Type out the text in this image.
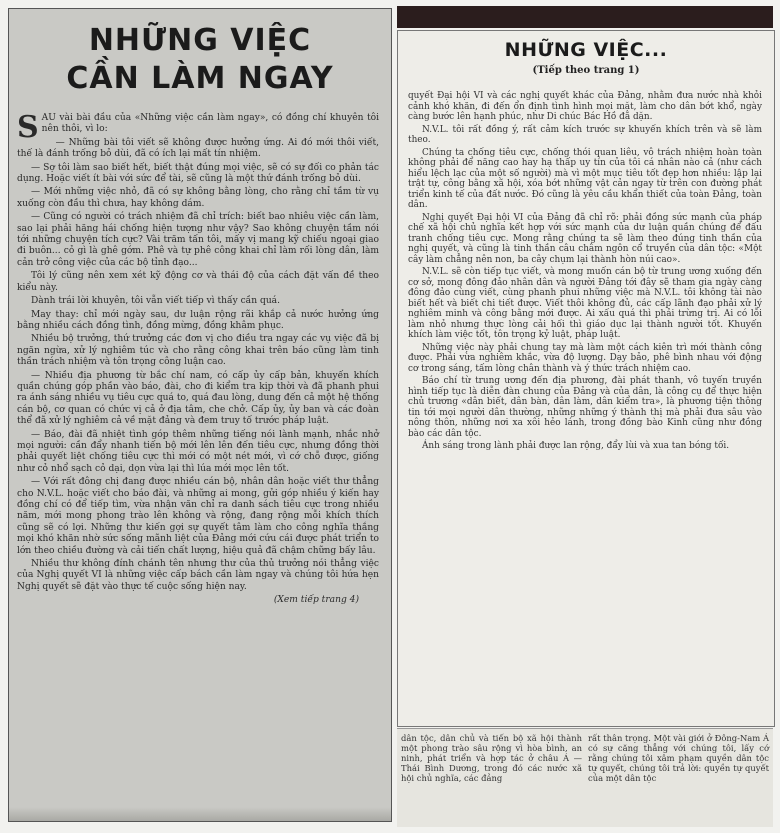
NHỮNG VIỆC
CẦN LÀM NGAY

SAU vài bài đầu của «Những việc cần làm ngay», có đồng chí khuyên tôi nên thôi, vì lo:

— Những bài tôi viết sẽ không được hưởng ứng. Ai đó mới thôi viết, thế là đánh trống bỏ dùi, đã có ích lại mất tín nhiệm.

— Sợ tôi làm sao biết hết, biết thật đúng mọi việc, sẽ có sự đối co phản tác dụng. Hoặc viết ít bài với sức để tài, sẽ cũng là một thứ đánh trống bỏ dùi.

— Mới những việc nhỏ, đã có sự không bằng lòng, cho rằng chỉ tầm từ vụ xuống còn đầu thì chưa, hay không dám.

— Cũng có người có trách nhiệm đã chỉ trích: biết bao nhiêu việc cần làm, sao lại phải hăng hái chống hiện tượng như vậy? Sao không chuyện tầm nói tới những chuyện tích cực? Vài trăm tấn tôi, mấy vị mang kỹ chiếu ngoại giao đi buôn... cỏ gì là ghê gớm. Phê và tự phê công khai chỉ làm rối lòng dân, làm cản trở công việc của các bộ tỉnh đạo...

Tôi lý cũng nên xem xét kỹ động cơ và thái độ của cách đặt vấn đề theo kiểu này.

Dành trái lời khuyên, tôi vẫn viết tiếp vì thấy cần quá.

May thay: chỉ mới ngày sau, dư luận rộng rãi khắp cả nước hưởng ứng bằng nhiều cách đồng tình, đồng mừng, đồng khâm phục.

Nhiều bộ trưởng, thứ trưởng các đơn vị cho điều tra ngay các vụ việc đã bị ngăn ngừa, xử lý nghiêm túc và cho rằng công khai trên báo cũng làm tinh thần trách nhiệm và tôn trọng công luận cao.

— Nhiều địa phương từ bắc chí nam, có cấp ủy cấp bản, khuyến khích quần chúng góp phần vào báo, đài, cho đi kiểm tra kịp thời và đã phanh phui ra ánh sáng nhiều vụ tiêu cực quá to, quá đau lòng, dung đến cả một hệ thống cán bộ, cơ quan có chức vị cả ở địa tâm, che chở. Cấp ủy, ủy ban và các đoàn thể đã xử lý nghiêm cả về mặt đảng và đem truy tố trước pháp luật.

— Báo, đài đã nhiệt tình góp thêm những tiếng nói lành mạnh, nhắc nhở mọi người: cần đẩy nhanh tiến bộ mới lên lên đến tiêu cực, nhưng đồng thời phải quyết liệt chống tiêu cực thì mới có một nét mới, vì cớ chỗ được, giống như cỏ nhổ sạch cỏ dại, dọn vừa lại thì lúa mới mọc lên tốt.

— Với rất đông chị đang được nhiều cán bộ, nhân dân hoặc viết thư thẳng cho N.V.L. hoặc viết cho báo đài, và những ai mong, gửi góp nhiều ý kiến hay đồng chí có để tiếp tìm, vừa nhận văn chỉ ra danh sách tiêu cực trong nhiều năm, mới mong phong trào lên không và rộng, đang rộng mỗi khích thích cũng sẽ có lợi. Những thư kiến gợi sự quyết tâm làm cho công nghĩa thắng mọi khó khăn nhờ sức sống mãnh liệt của Đảng mới cứu cái được phát triển to lớn theo chiều đường và cải tiến chất lượng, hiệu quả đã chậm chững bấy lâu.

Nhiều thư không đính chánh tên nhưng thư của thủ trưởng nói thẳng việc của Nghị quyết VI là những việc cấp bách cần làm ngay và chúng tôi hứa hẹn Nghị quyết sẽ đặt vào thực tế cuộc sống hiện nay.

(Xem tiếp trang 4)
NHỮNG VIỆC...
(Tiếp theo trang 1)

quyết Đại hội VI và các nghị quyết khác của Đảng, nhằm đưa nước nhà khỏi cảnh khó khăn, đi đến ổn định tình hình mọi mặt, làm cho dân bớt khổ, ngày càng bước lên hạnh phúc, như Di chúc Bác Hồ đã dặn.

N.V.L. tôi rất đồng ý, rất cảm kích trước sự khuyến khích trên và sẽ làm theo.

Chúng ta chống tiêu cực, chống thói quan liêu, vô trách nhiệm hoàn toàn không phải để năng cao hay hạ thấp uy tín của tôi cá nhân nào cả (như cách hiểu lệch lạc của một số người) mà vì một mục tiêu tốt đẹp hơn nhiều: lập lại trật tự, công bằng xã hội, xóa bớt những vật cản ngay từ trên con đường phát triển kinh tế của đất nước. Đó cũng là yêu cầu khẩn thiết của toàn Đảng, toàn dân.

Nghị quyết Đại hội VI của Đảng đã chỉ rõ: phải đồng sức mạnh của pháp chế xã hội chủ nghĩa kết hợp với sức mạnh của dư luận quần chúng để đấu tranh chống tiêu cực. Mong rằng chúng ta sẽ làm theo đúng tinh thần của nghị quyết, và cũng là tinh thần câu châm ngôn cổ truyền của dân tộc: «Một cây làm chẳng nên non, ba cây chụm lại thành hòn núi cao».

N.V.L. sẽ còn tiếp tục viết, và mong muốn cán bộ từ trung ương xuống đến cơ sở, mong đông đảo nhân dân và người Đảng tới đây sẽ tham gia ngày càng đông đảo cùng viết, cùng phanh phui những việc mà N.V.L. tôi không tài nào biết hết và biết chi tiết được. Viết thôi không đủ, các cấp lãnh đạo phải xử lý nghiêm minh và công bằng mới được. Ai xấu quá thì phải trừng trị. Ai có lỗi làm nhỏ nhưng thực lòng cải hối thì giáo dục lại thành người tốt. Khuyến khích làm việc tốt, tôn trọng kỷ luật, pháp luật.

Những việc này phải chung tay mà làm một cách kiên trì mới thành công được. Phải vừa nghiêm khắc, vừa độ lượng. Dạy bảo, phê bình nhau với động cơ trong sáng, tấm lòng chân thành và ý thức trách nhiệm cao.

Báo chí từ trung ương đến địa phương, đài phát thanh, vô tuyến truyền hình tiếp tục là diễn đàn chung của Đảng và của dân, là công cụ để thực hiện chủ trương «dân biết, dân bàn, dân làm, dân kiểm tra», là phương tiện thông tin tới mọi người dân thường, những những ý thành thị mà phải đưa sâu vào nông thôn, những nơi xa xôi hẻo lánh, trong đồng bào Kinh cũng như đồng bào các dân tộc.

Ánh sáng trong lành phải được lan rộng, đẩy lùi và xua tan bóng tối.

dân tộc, dân chủ và tiến bộ xã hội thành một phong trào sâu rộng vì hòa bình, an ninh, phát triển và hợp tác ở châu Á — Thái Bình Dương, trong đó các nước xã hội chủ nghĩa, các đảng
rất thân trọng. Một vài giới ở Đông-Nam Á có sự căng thẳng với chúng tôi, lấy cớ rằng chúng tôi xâm phạm quyền dân tộc tự quyết, chúng tôi trả lời: quyền tự quyết của một dân tộc
